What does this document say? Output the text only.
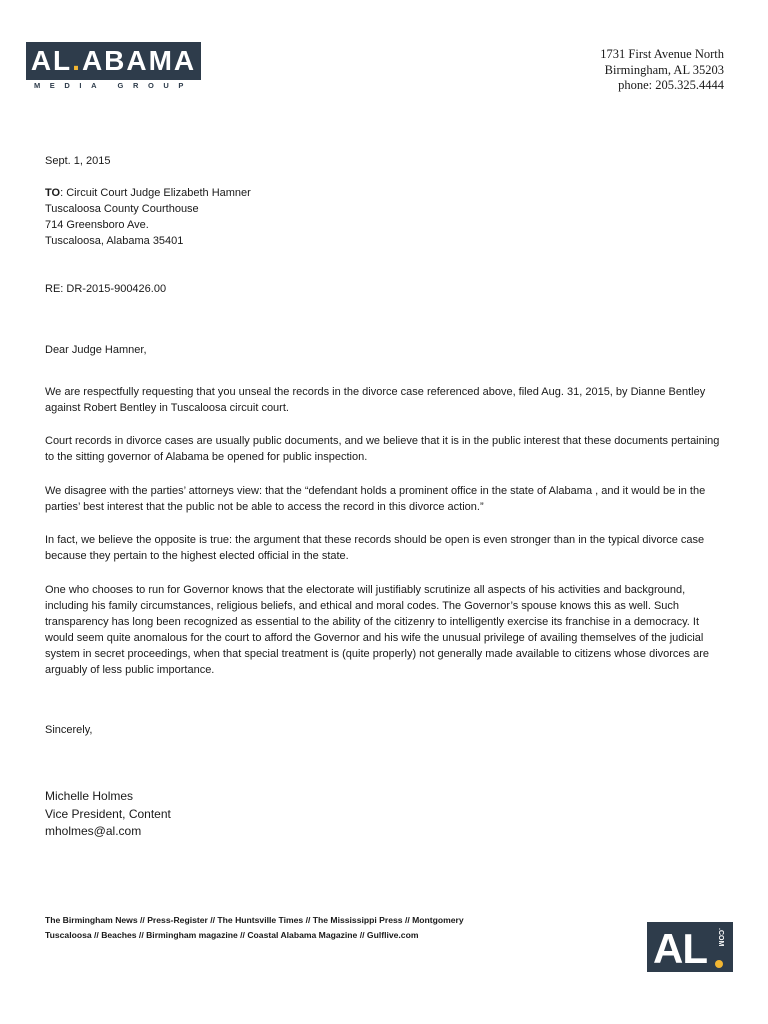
AL.ABAMA
MEDIA GROUP
1731 First Avenue North
Birmingham, AL 35203
phone: 205.325.4444
Sept. 1, 2015
TO: Circuit Court Judge Elizabeth Hamner
Tuscaloosa County Courthouse
714 Greensboro Ave.
Tuscaloosa, Alabama 35401
RE: DR-2015-900426.00
Dear Judge Hamner,

We are respectfully requesting that you unseal the records in the divorce case referenced above, filed Aug. 31, 2015, by Dianne Bentley against Robert Bentley in Tuscaloosa circuit court.

Court records in divorce cases are usually public documents, and we believe that it is in the public interest that these documents pertaining to the sitting governor of Alabama be opened for public inspection.

We disagree with the parties’ attorneys view: that the “defendant holds a prominent office in the state of Alabama , and it would be in the parties’ best interest that the public not be able to access the record in this divorce action.”

In fact, we believe the opposite is true: the argument that these records should be open is even stronger than in the typical divorce case because they pertain to the highest elected official in the state.

One who chooses to run for Governor knows that the electorate will justifiably scrutinize all aspects of his activities and background, including his family circumstances, religious beliefs, and ethical and moral codes. The Governor’s spouse knows this as well. Such transparency has long been recognized as essential to the ability of the citizenry to intelligently exercise its franchise in a democracy. It would seem quite anomalous for the court to afford the Governor and his wife the unusual privilege of availing themselves of the judicial system in secret proceedings, when that special treatment is (quite properly) not generally made available to citizens whose divorces are arguably of less public importance.

Sincerely,
Michelle Holmes
Vice President, Content
mholmes@al.com
The Birmingham News // Press-Register // The Huntsville Times // The Mississippi Press // Montgomery
Tuscaloosa // Beaches // Birmingham magazine // Coastal Alabama Magazine // Gulflive.com	AL .COM
